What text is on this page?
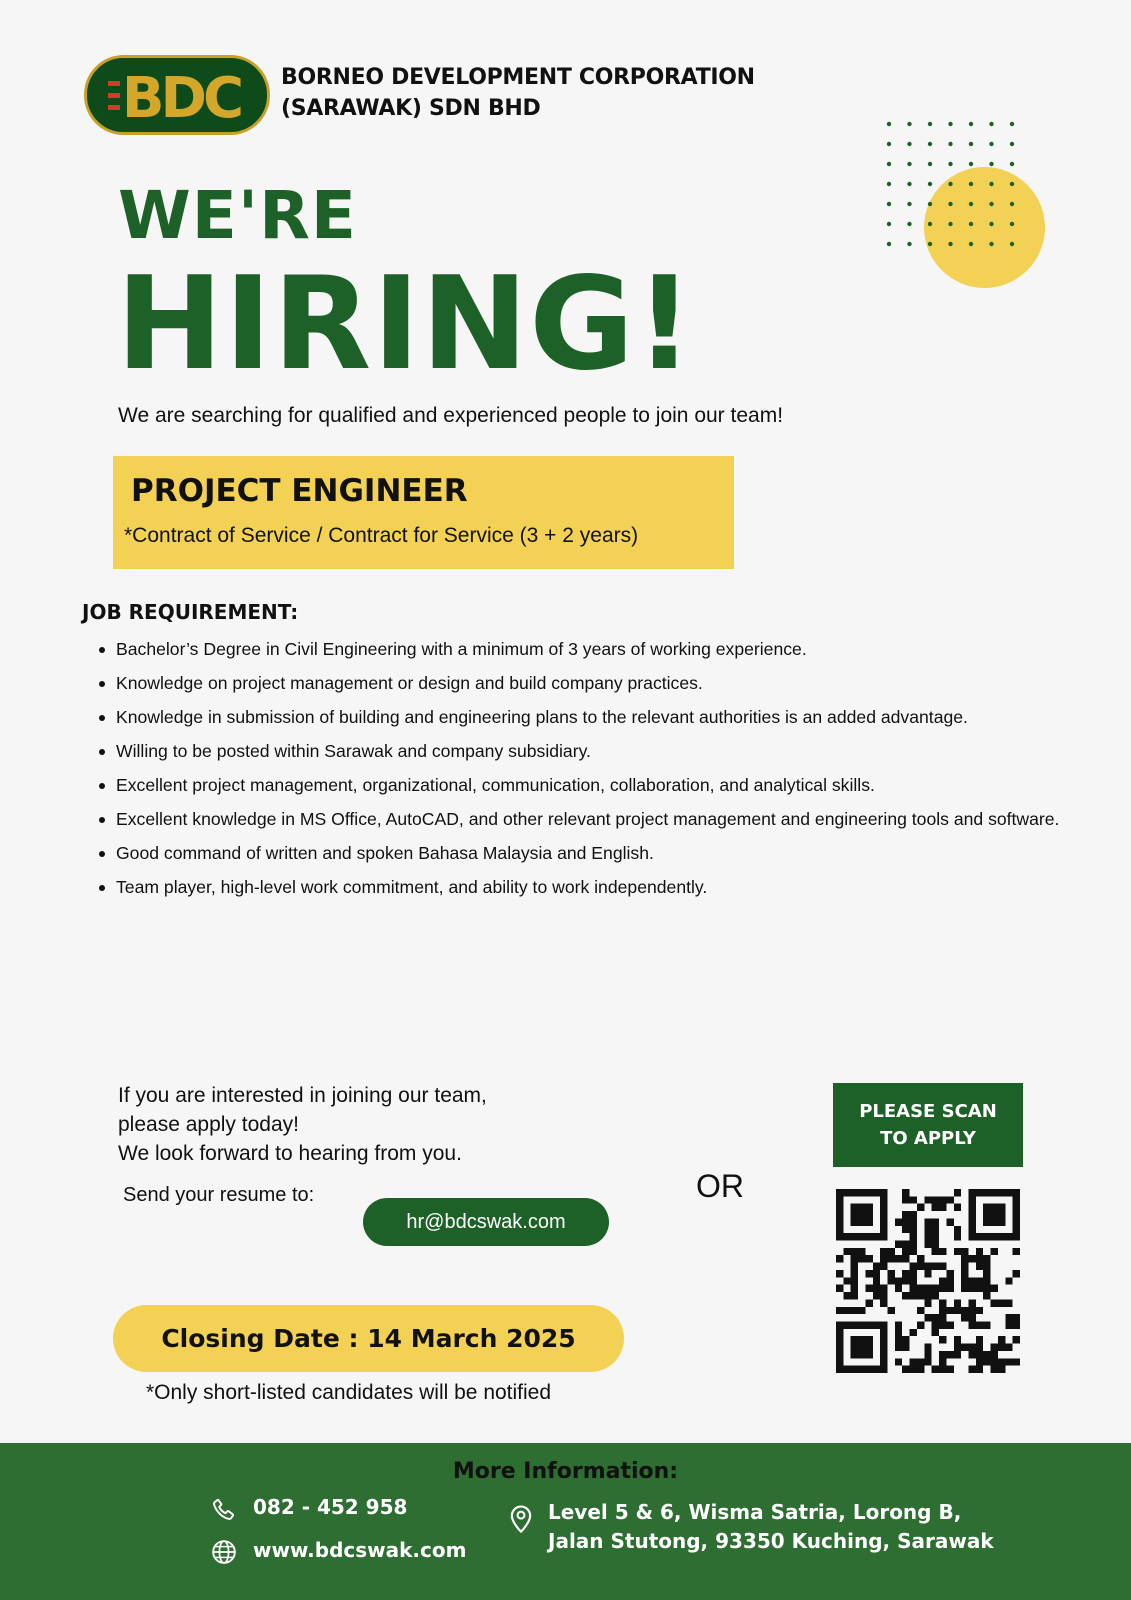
BDC BORNEO DEVELOPMENT CORPORATION
(SARAWAK) SDN BHD
WE'RE
HIRING!
We are searching for qualified and experienced people to join our team!
PROJECT ENGINEER
*Contract of Service / Contract for Service (3 + 2 years)
JOB REQUIREMENT:
Bachelor’s Degree in Civil Engineering with a minimum of 3 years of working experience.
Knowledge on project management or design and build company practices.
Knowledge in submission of building and engineering plans to the relevant authorities is an added advantage.
Willing to be posted within Sarawak and company subsidiary.
Excellent project management, organizational, communication, collaboration, and analytical skills.
Excellent knowledge in MS Office, AutoCAD, and other relevant project management and engineering tools and software.
Good command of written and spoken Bahasa Malaysia and English.
Team player, high-level work commitment, and ability to work independently.
If you are interested in joining our team,
please apply today!
We look forward to hearing from you.
Send your resume to:
hr@bdcswak.com
OR
PLEASE SCAN
TO APPLY
Closing Date : 14 March 2025
*Only short-listed candidates will be notified
More Information:
082 - 452 958
www.bdcswak.com
Level 5 & 6, Wisma Satria, Lorong B,
Jalan Stutong, 93350 Kuching, Sarawak
